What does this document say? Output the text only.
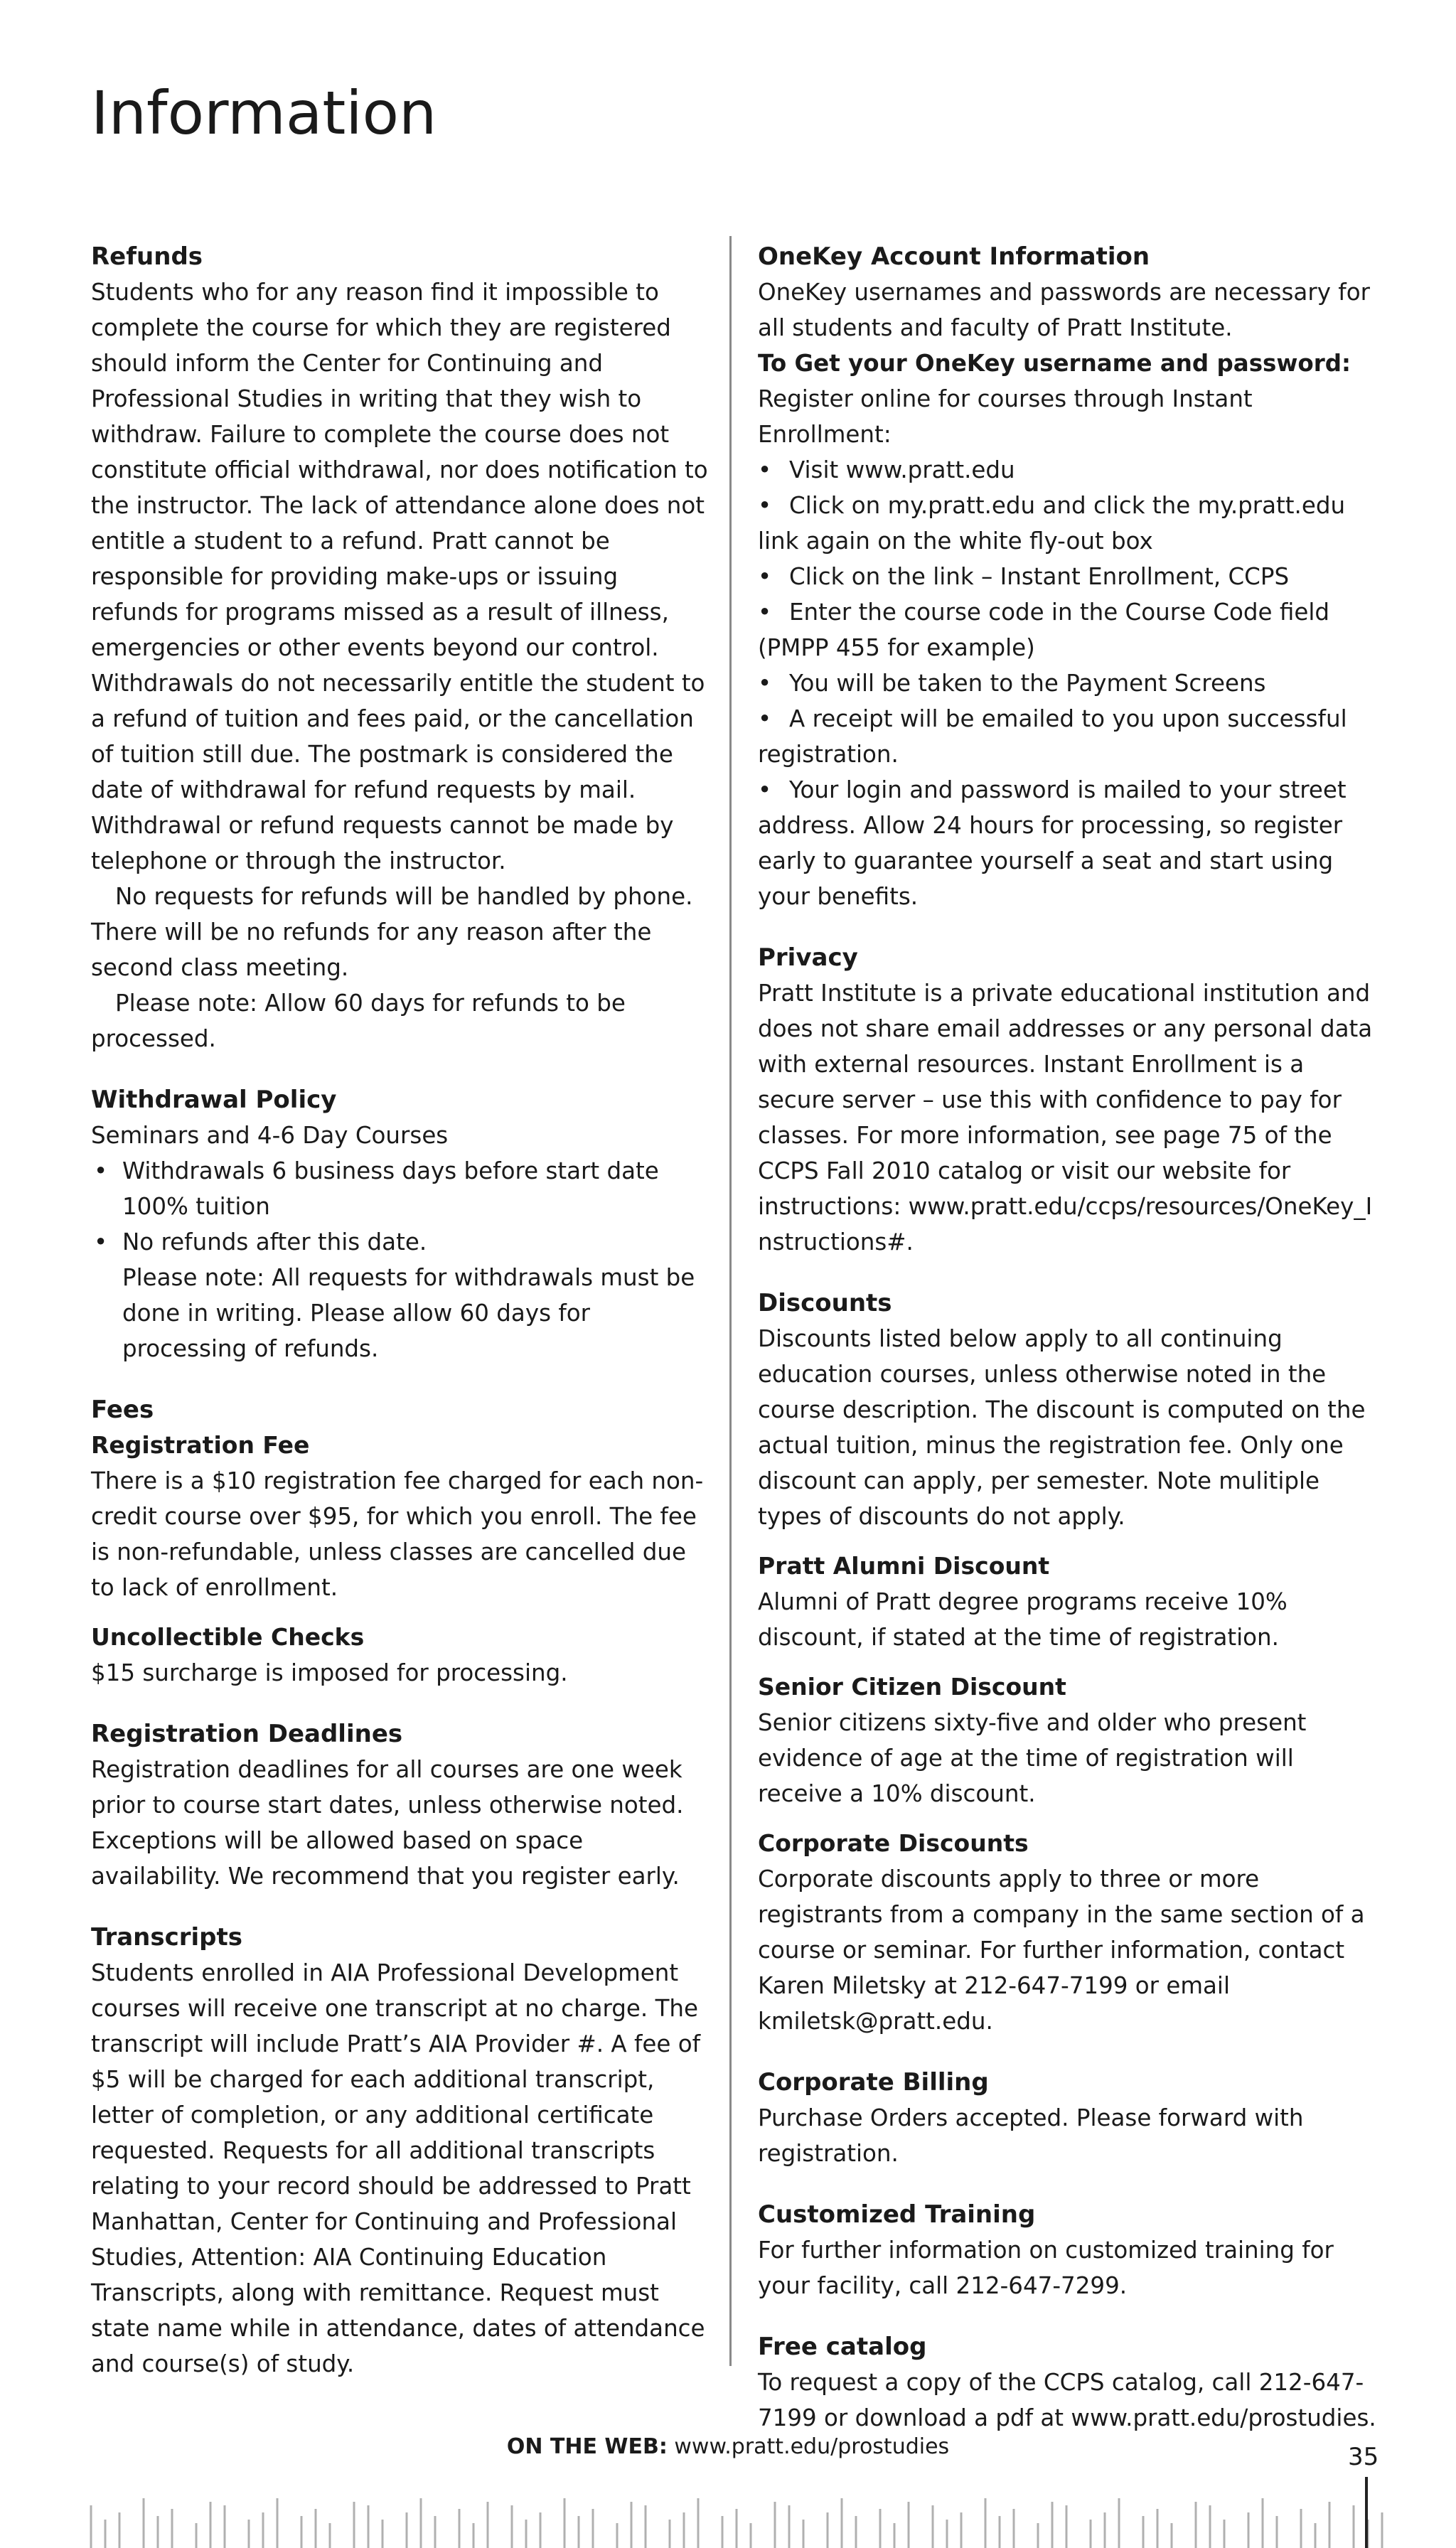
Information
Refunds

Students who for any reason find it impossible to complete the course for which they are registered should inform the Center for Continuing and Professional Studies in writing that they wish to withdraw. Failure to complete the course does not constitute official withdrawal, nor does notification to the instructor. The lack of attendance alone does not entitle a student to a refund. Pratt cannot be responsible for providing make-ups or issuing refunds for programs missed as a result of illness, emergencies or other events beyond our control. Withdrawals do not necessarily entitle the student to a refund of tuition and fees paid, or the cancellation of tuition still due. The postmark is considered the date of withdrawal for refund requests by mail. Withdrawal or refund requests cannot be made by telephone or through the instructor.

No requests for refunds will be handled by phone. There will be no refunds for any reason after the second class meeting.

Please note: Allow 60 days for refunds to be processed.

Withdrawal Policy

Seminars and 4-6 Day Courses

• Withdrawals 6 business days before start date 100% tuition
• No refunds after this date.

Please note: All requests for withdrawals must be done in writing. Please allow 60 days for processing of refunds.

Fees
Registration Fee

There is a $10 registration fee charged for each non-credit course over $95, for which you enroll. The fee is non-refundable, unless classes are cancelled due to lack of enrollment.

Uncollectible Checks

$15 surcharge is imposed for processing.

Registration Deadlines

Registration deadlines for all courses are one week prior to course start dates, unless otherwise noted. Exceptions will be allowed based on space availability. We recommend that you register early.

Transcripts

Students enrolled in AIA Professional Development courses will receive one transcript at no charge. The transcript will include Pratt’s AIA Provider #. A fee of $5 will be charged for each additional transcript, letter of completion, or any additional certificate requested. Requests for all additional transcripts relating to your record should be addressed to Pratt Manhattan, Center for Continuing and Professional Studies, Attention: AIA Continuing Education Transcripts, along with remittance. Request must state name while in attendance, dates of attendance and course(s) of study.

OneKey Account Information

OneKey usernames and passwords are necessary for all students and faculty of Pratt Institute.

To Get your OneKey username and password:

Register online for courses through Instant Enrollment:

• Visit www.pratt.edu
• Click on my.pratt.edu and click the my.pratt.edu link again on the white fly-out box
• Click on the link – Instant Enrollment, CCPS
• Enter the course code in the Course Code field (PMPP 455 for example)
• You will be taken to the Payment Screens
• A receipt will be emailed to you upon successful registration.
• Your login and password is mailed to your street address. Allow 24 hours for processing, so register early to guarantee yourself a seat and start using your benefits.
Privacy

Pratt Institute is a private educational institution and does not share email addresses or any personal data with external resources. Instant Enrollment is a secure server – use this with confidence to pay for classes. For more information, see page 75 of the CCPS Fall 2010 catalog or visit our website for instructions: www.pratt.edu/ccps/resources/OneKey_Instructions#.

Discounts

Discounts listed below apply to all continuing education courses, unless otherwise noted in the course description. The discount is computed on the actual tuition, minus the registration fee. Only one discount can apply, per semester. Note mulitiple types of discounts do not apply.

Pratt Alumni Discount

Alumni of Pratt degree programs receive 10% discount, if stated at the time of registration.

Senior Citizen Discount

Senior citizens sixty-five and older who present evidence of age at the time of registration will receive a 10% discount.

Corporate Discounts

Corporate discounts apply to three or more registrants from a company in the same section of a course or seminar. For further information, contact Karen Miletsky at 212-647-7199 or email kmiletsk@pratt.edu.

Corporate Billing

Purchase Orders accepted. Please forward with registration.

Customized Training

For further information on customized training for your facility, call 212-647-7299.

Free catalog

To request a copy of the CCPS catalog, call 212-647-7199 or download a pdf at www.pratt.edu/prostudies.

ON THE WEB: www.pratt.edu/prostudies	35
